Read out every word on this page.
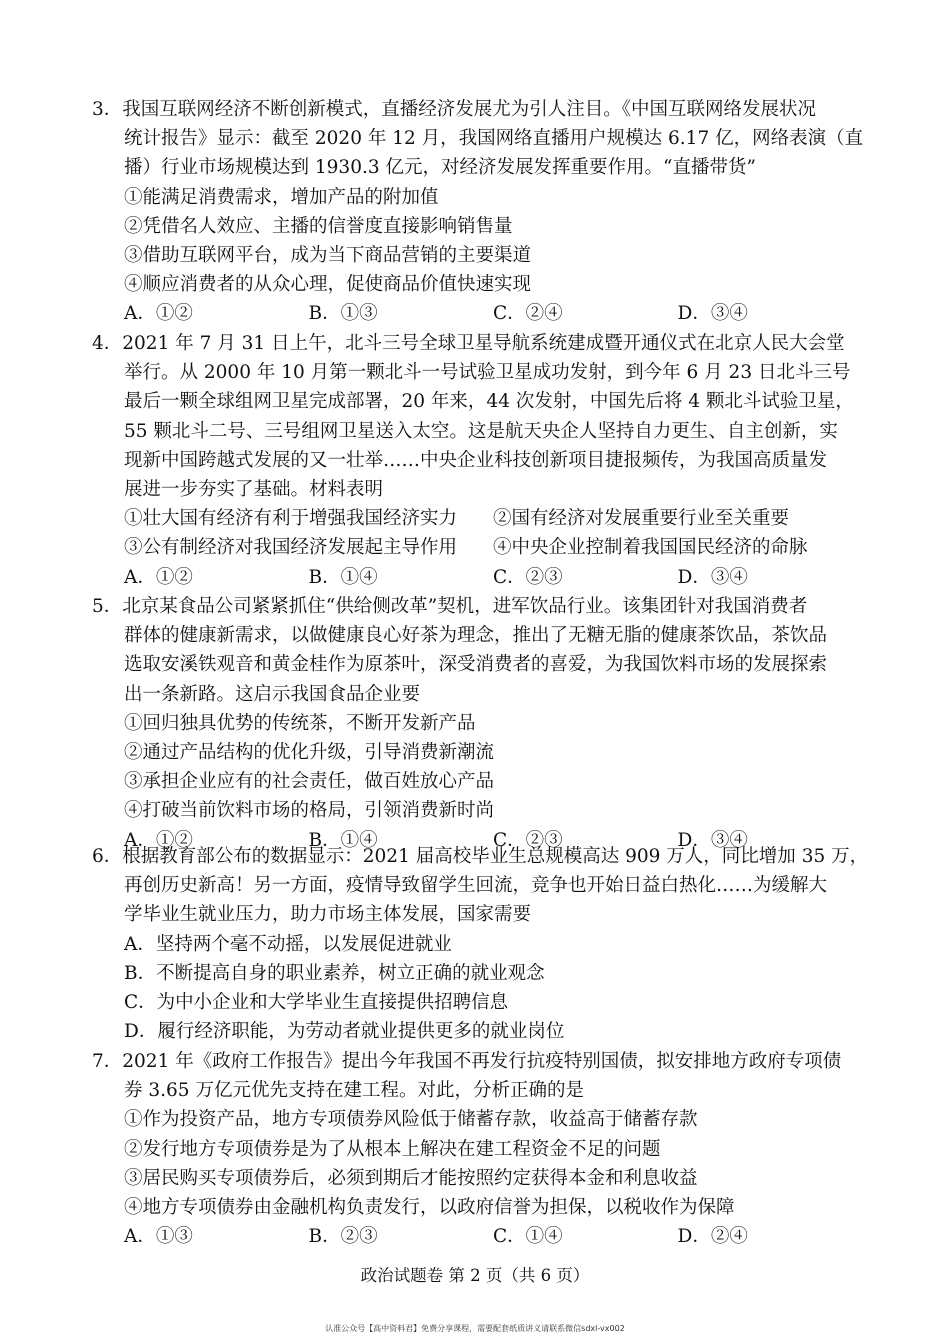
3．我国互联网经济不断创新模式，直播经济发展尤为引人注目。《中国互联网络发展状况
统计报告》显示：截至 2020 年 12 月，我国网络直播用户规模达 6.17 亿，网络表演（直
播）行业市场规模达到 1930.3 亿元，对经济发展发挥重要作用。“直播带货”
①能满足消费需求，增加产品的附加值
②凭借名人效应、主播的信誉度直接影响销售量
③借助互联网平台，成为当下商品营销的主要渠道
④顺应消费者的从众心理，促使商品价值快速实现
A．①②	B．①③	C．②④	D．③④
4．2021 年 7 月 31 日上午，北斗三号全球卫星导航系统建成暨开通仪式在北京人民大会堂
举行。从 2000 年 10 月第一颗北斗一号试验卫星成功发射，到今年 6 月 23 日北斗三号
最后一颗全球组网卫星完成部署，20 年来，44 次发射，中国先后将 4 颗北斗试验卫星，
55 颗北斗二号、三号组网卫星送入太空。这是航天央企人坚持自力更生、自主创新，实
现新中国跨越式发展的又一壮举……中央企业科技创新项目捷报频传，为我国高质量发
展进一步夯实了基础。材料表明
①壮大国有经济有利于增强我国经济实力	②国有经济对发展重要行业至关重要
③公有制经济对我国经济发展起主导作用	④中央企业控制着我国国民经济的命脉
A．①②	B．①④	C．②③	D．③④
5．北京某食品公司紧紧抓住“供给侧改革”契机，进军饮品行业。该集团针对我国消费者
群体的健康新需求，以做健康良心好茶为理念，推出了无糖无脂的健康茶饮品，茶饮品
选取安溪铁观音和黄金桂作为原茶叶，深受消费者的喜爱，为我国饮料市场的发展探索
出一条新路。这启示我国食品企业要
①回归独具优势的传统茶，不断开发新产品
②通过产品结构的优化升级，引导消费新潮流
③承担企业应有的社会责任，做百姓放心产品
④打破当前饮料市场的格局，引领消费新时尚
A．①②	B．①④	C．②③	D．③④
6．根据教育部公布的数据显示：2021 届高校毕业生总规模高达 909 万人，同比增加 35 万，
再创历史新高！另一方面，疫情导致留学生回流，竞争也开始日益白热化……为缓解大
学毕业生就业压力，助力市场主体发展，国家需要
A．坚持两个毫不动摇，以发展促进就业
B．不断提高自身的职业素养，树立正确的就业观念
C．为中小企业和大学毕业生直接提供招聘信息
D．履行经济职能，为劳动者就业提供更多的就业岗位
7．2021 年《政府工作报告》提出今年我国不再发行抗疫特别国债，拟安排地方政府专项债
券 3.65 万亿元优先支持在建工程。对此，分析正确的是
①作为投资产品，地方专项债券风险低于储蓄存款，收益高于储蓄存款
②发行地方专项债券是为了从根本上解决在建工程资金不足的问题
③居民购买专项债券后，必须到期后才能按照约定获得本金和利息收益
④地方专项债券由金融机构负责发行，以政府信誉为担保，以税收作为保障
A．①③	B．②③	C．①④	D．②④
政治试题卷 第 2 页（共 6 页）
认准公众号【高中资料君】免费分享课程，需要配套纸质讲义请联系微信sdxl-vx002
